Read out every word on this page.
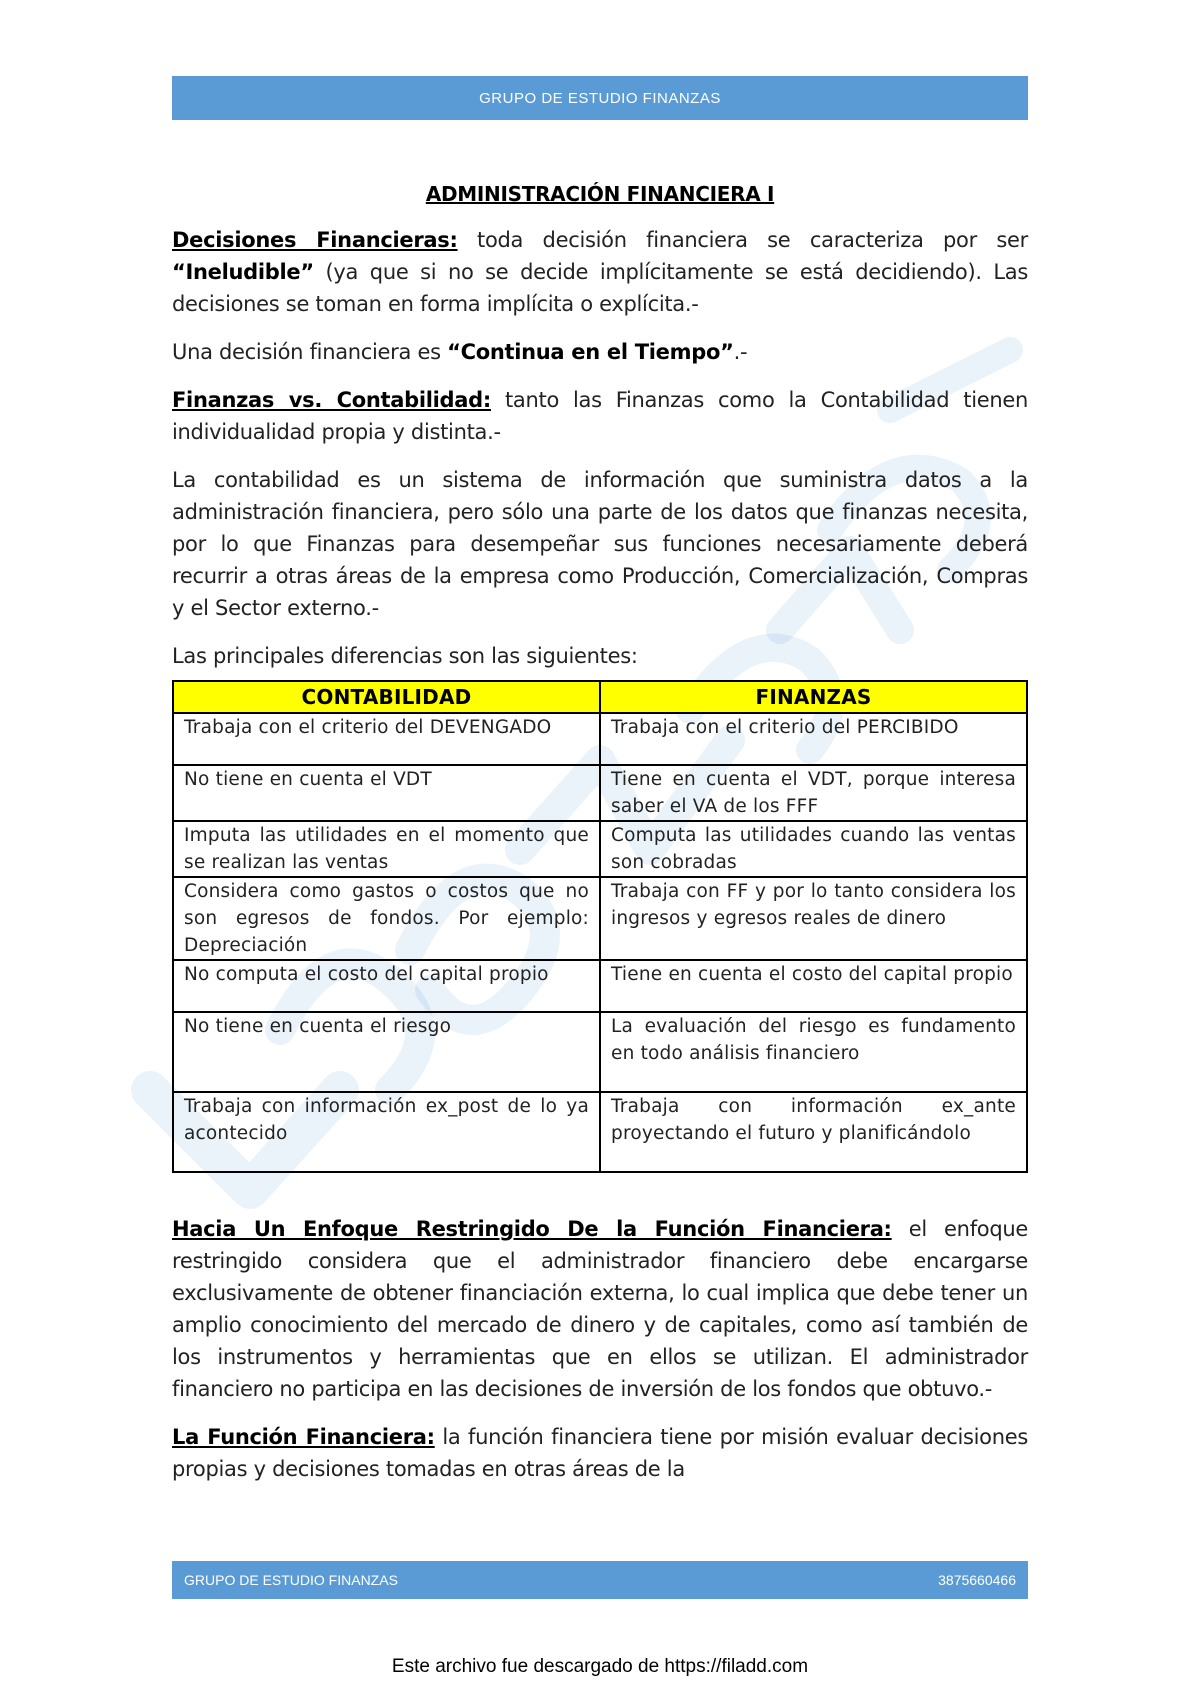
GRUPO DE ESTUDIO FINANZAS
ADMINISTRACIÓN FINANCIERA I

Decisiones Financieras: toda decisión financiera se caracteriza por ser “Ineludible” (ya que si no se decide implícitamente se está decidiendo). Las decisiones se toman en forma implícita o explícita.-

Una decisión financiera es “Continua en el Tiempo”.-

Finanzas vs. Contabilidad: tanto las Finanzas como la Contabilidad tienen individualidad propia y distinta.-

La contabilidad es un sistema de información que suministra datos a la administración financiera, pero sólo una parte de los datos que finanzas necesita, por lo que Finanzas para desempeñar sus funciones necesariamente deberá recurrir a otras áreas de la empresa como Producción, Comercialización, Compras y el Sector externo.-

Las principales diferencias son las siguientes:

CONTABILIDAD	FINANZAS
Trabaja con el criterio del DEVENGADO	Trabaja con el criterio del PERCIBIDO
No tiene en cuenta el VDT	Tiene en cuenta el VDT, porque interesa saber el VA de los FFF
Imputa las utilidades en el momento que se realizan las ventas	Computa las utilidades cuando las ventas son cobradas
Considera como gastos o costos que no son egresos de fondos. Por ejemplo: Depreciación	Trabaja con FF y por lo tanto considera los ingresos y egresos reales de dinero
No computa el costo del capital propio	Tiene en cuenta el costo del capital propio
No tiene en cuenta el riesgo	La evaluación del riesgo es fundamento en todo análisis financiero
Trabaja con información ex_post de lo ya acontecido	Trabaja con información ex_ante proyectando el futuro y planificándolo

Hacia Un Enfoque Restringido De la Función Financiera: el enfoque restringido considera que el administrador financiero debe encargarse exclusivamente de obtener financiación externa, lo cual implica que debe tener un amplio conocimiento del mercado de dinero y de capitales, como así también de los instrumentos y herramientas que en ellos se utilizan. El administrador financiero no participa en las decisiones de inversión de los fondos que obtuvo.-

La Función Financiera: la función financiera tiene por misión evaluar decisiones propias y decisiones tomadas en otras áreas de la

GRUPO DE ESTUDIO FINANZAS	3875660466
Este archivo fue descargado de https://filadd.com
